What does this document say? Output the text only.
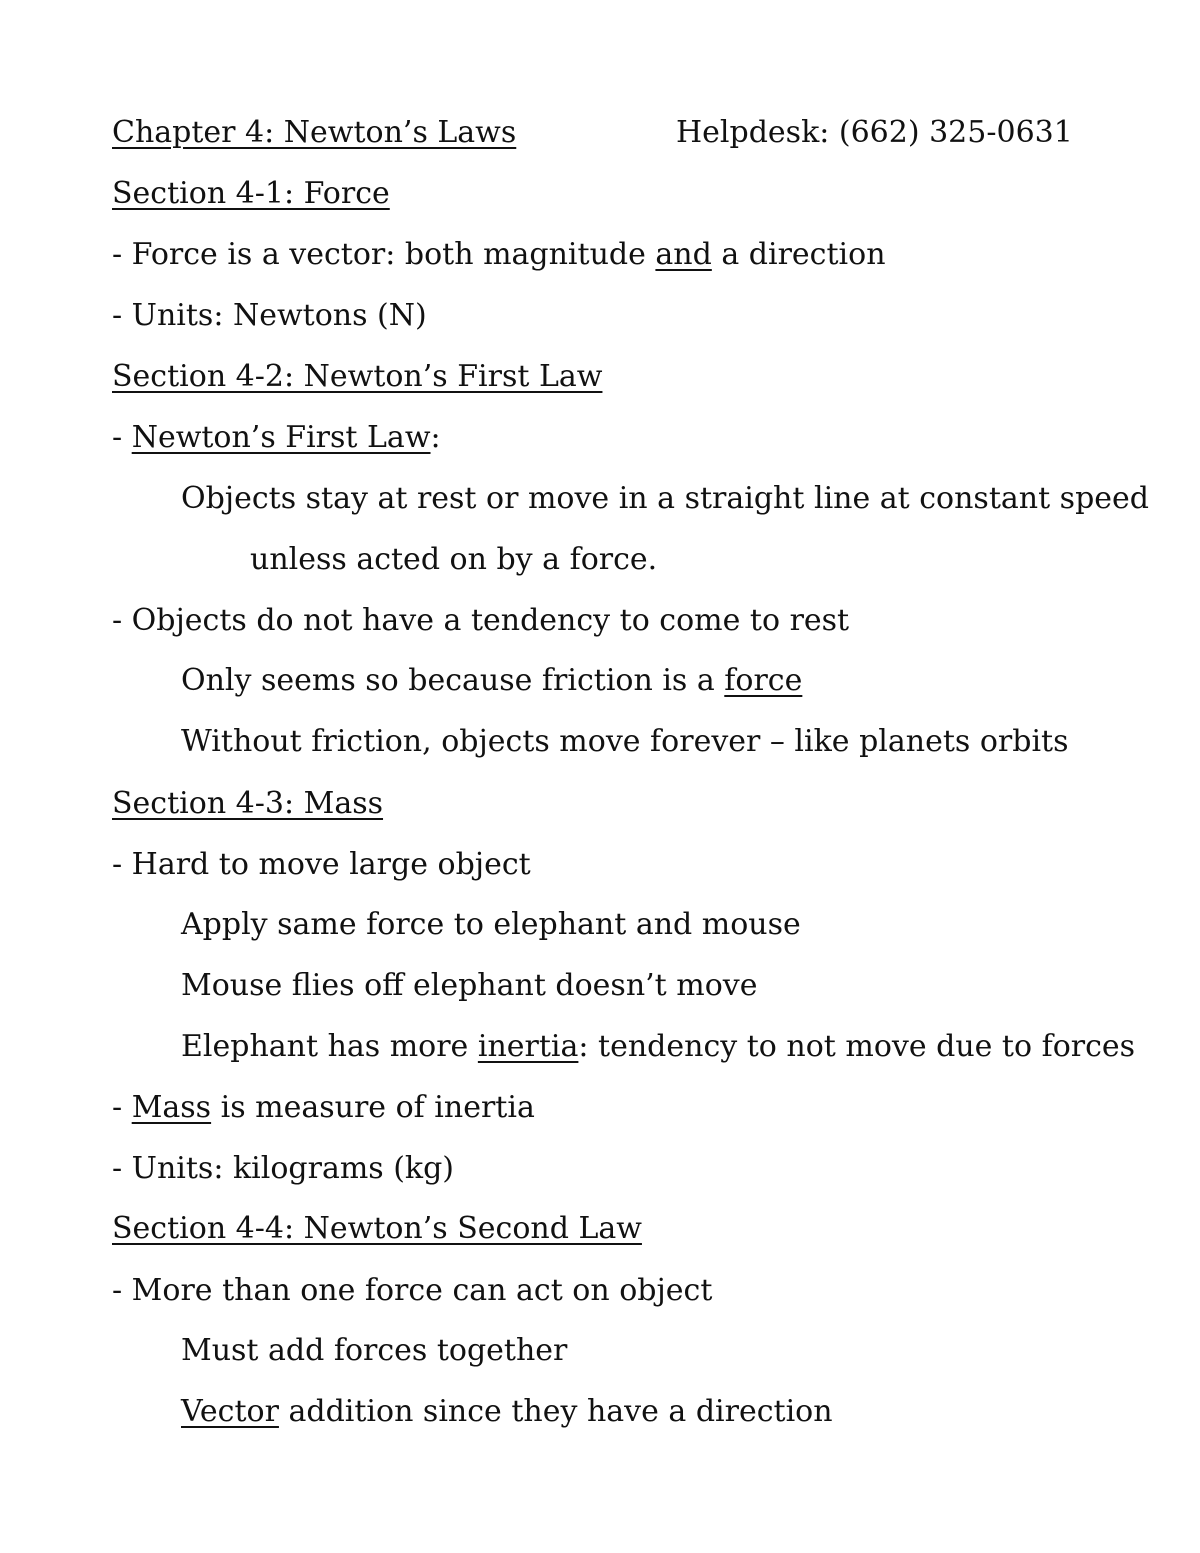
Chapter 4: Newton’s Laws	Helpdesk: (662) 325-0631
Section 4-1: Force
- Force is a vector: both magnitude and a direction
- Units: Newtons (N)
Section 4-2: Newton’s First Law
- Newton’s First Law:
Objects stay at rest or move in a straight line at constant speed
unless acted on by a force.
- Objects do not have a tendency to come to rest
Only seems so because friction is a force
Without friction, objects move forever – like planets orbits
Section 4-3: Mass
- Hard to move large object
Apply same force to elephant and mouse
Mouse flies off elephant doesn’t move
Elephant has more inertia: tendency to not move due to forces
- Mass is measure of inertia
- Units: kilograms (kg)
Section 4-4: Newton’s Second Law
- More than one force can act on object
Must add forces together
Vector addition since they have a direction
